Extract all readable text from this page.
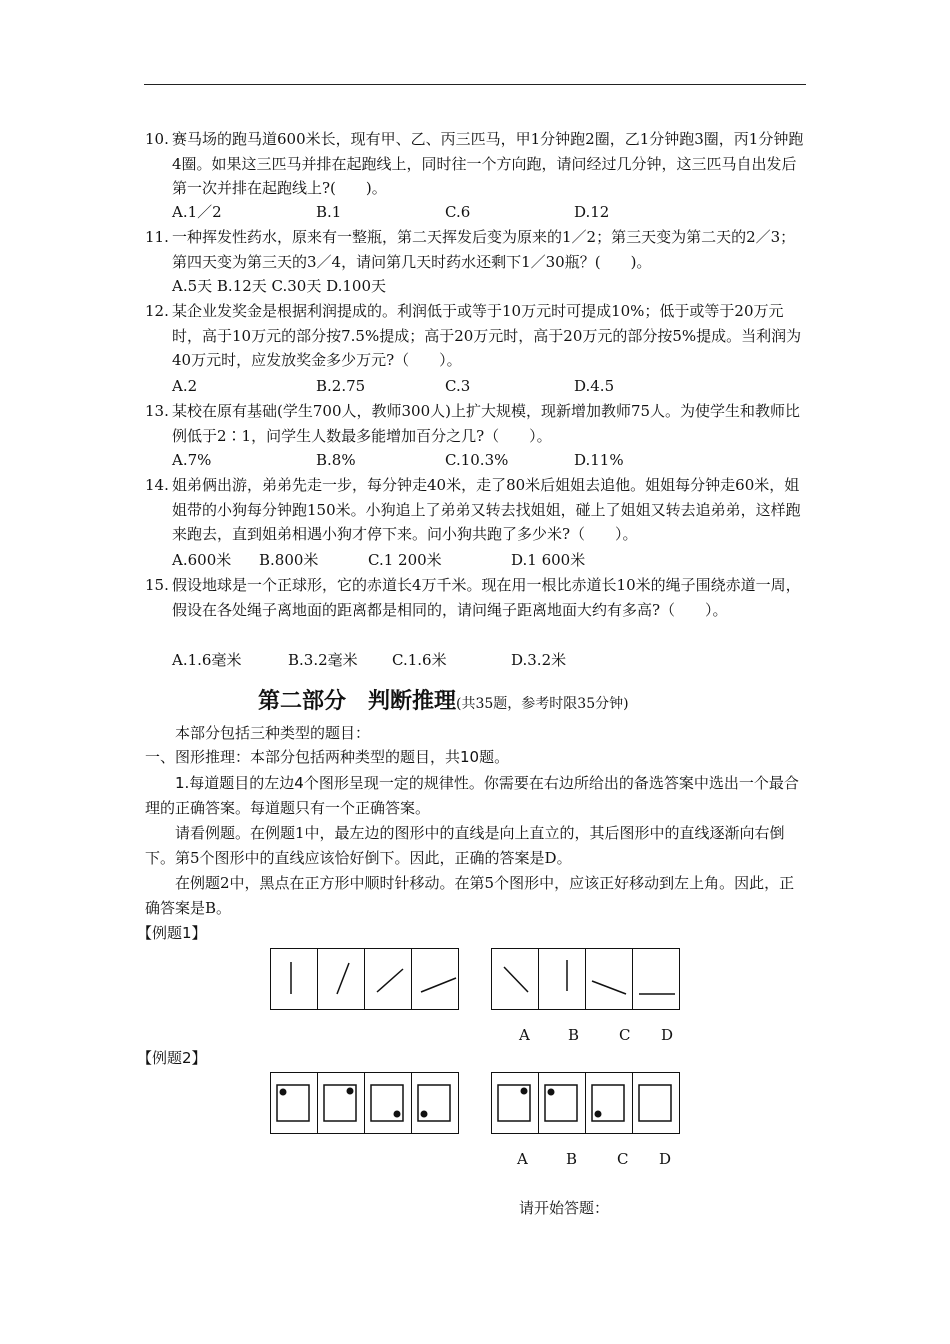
10. 赛马场的跑马道600米长，现有甲、乙、丙三匹马，甲1分钟跑2圈，乙1分钟跑3圈，丙1分钟跑4圈。如果这三匹马并排在起跑线上，同时往一个方向跑，请问经过几分钟，这三匹马自出发后第一次并排在起跑线上?(　　)。
A.1／2	B.1	C.6	D.12
11. 一种挥发性药水，原来有一整瓶，第二天挥发后变为原来的1／2；第三天变为第二天的2／3；第四天变为第三天的3／4，请问第几天时药水还剩下1／30瓶？(　　)。
A.5天 B.12天 C.30天 D.100天
12. 某企业发奖金是根据利润提成的。利润低于或等于10万元时可提成10%；低于或等于20万元时，高于10万元的部分按7.5%提成；高于20万元时，高于20万元的部分按5%提成。当利润为40万元时，应发放奖金多少万元?（　　）。
A.2	B.2.75	C.3	D.4.5
13. 某校在原有基础(学生700人，教师300人)上扩大规模，现新增加教师75人。为使学生和教师比例低于2∶1，问学生人数最多能增加百分之几?（　　）。
A.7%	B.8%	C.10.3%	D.11%
14. 姐弟俩出游，弟弟先走一步，每分钟走40米，走了80米后姐姐去追他。姐姐每分钟走60米，姐姐带的小狗每分钟跑150米。小狗追上了弟弟又转去找姐姐，碰上了姐姐又转去追弟弟，这样跑来跑去，直到姐弟相遇小狗才停下来。问小狗共跑了多少米?（　　）。
A.600米 B.800米	C.1 200米	D.1 600米
15. 假设地球是一个正球形，它的赤道长4万千米。现在用一根比赤道长10米的绳子围绕赤道一周，假设在各处绳子离地面的距离都是相同的，请问绳子距离地面大约有多高?（　　）。
A.1.6毫米	B.3.2毫米 C.1.6米	D.3.2米
第二部分　判断推理(共35题，参考时限35分钟)
本部分包括三种类型的题目：
一、图形推理：本部分包括两种类型的题目，共10题。
1.每道题目的左边4个图形呈现一定的规律性。你需要在右边所给出的备选答案中选出一个最合理的正确答案。每道题只有一个正确答案。
请看例题。在例题1中，最左边的图形中的直线是向上直立的，其后图形中的直线逐渐向右倒下。第5个图形中的直线应该恰好倒下。因此，正确的答案是D。
在例题2中，黑点在正方形中顺时针移动。在第5个图形中，应该正好移动到左上角。因此，正确答案是B。
【例题1】
A	B	C D
【例题2】
A	B	C D
请开始答题：
